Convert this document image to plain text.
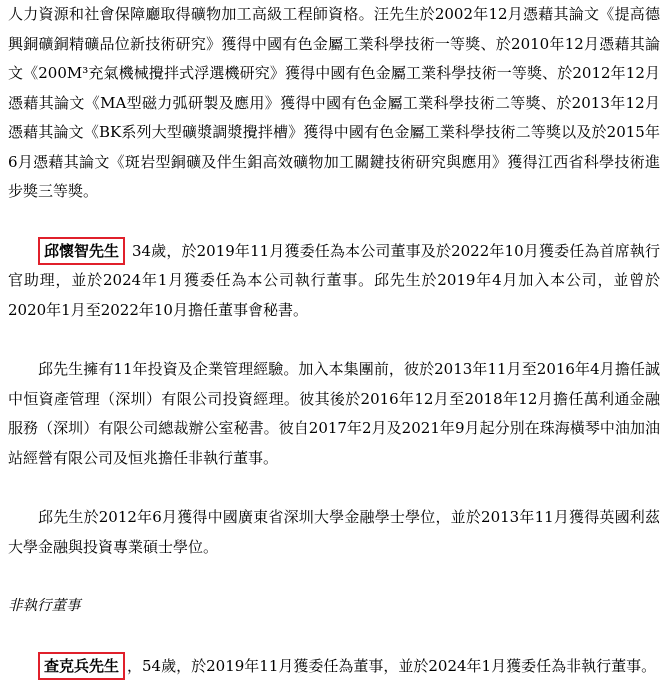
人力資源和社會保障廳取得礦物加工高級工程師資格。汪先生於2002年12月憑藉其論文《提高德興銅礦銅精礦品位新技術研究》獲得中國有色金屬工業科學技術一等獎、於2010年12月憑藉其論文《200M³充氣機械攪拌式浮選機研究》獲得中國有色金屬工業科學技術一等獎、於2012年12月憑藉其論文《MA型磁力弧研製及應用》獲得中國有色金屬工業科學技術二等獎、於2013年12月憑藉其論文《BK系列大型礦漿調漿攪拌槽》獲得中國有色金屬工業科學技術二等獎以及於2015年6月憑藉其論文《斑岩型銅礦及伴生鉬高效礦物加工關鍵技術研究與應用》獲得江西省科學技術進步獎三等獎。

邱懷智先生 34歲，於2019年11月獲委任為本公司董事及於2022年10月獲委任為首席執行官助理，並於2024年1月獲委任為本公司執行董事。邱先生於2019年4月加入本公司，並曾於2020年1月至2022年10月擔任董事會秘書。

邱先生擁有11年投資及企業管理經驗。加入本集團前，彼於2013年11月至2016年4月擔任誠中恒資產管理（深圳）有限公司投資經理。彼其後於2016年12月至2018年12月擔任萬利通金融服務（深圳）有限公司總裁辦公室秘書。彼自2017年2月及2021年9月起分別在珠海橫琴中油加油站經營有限公司及恒兆擔任非執行董事。

邱先生於2012年6月獲得中國廣東省深圳大學金融學士學位，並於2013年11月獲得英國利茲大學金融與投資專業碩士學位。

非執行董事

查克兵先生 ，54歲，於2019年11月獲委任為董事，並於2024年1月獲委任為非執行董事。
